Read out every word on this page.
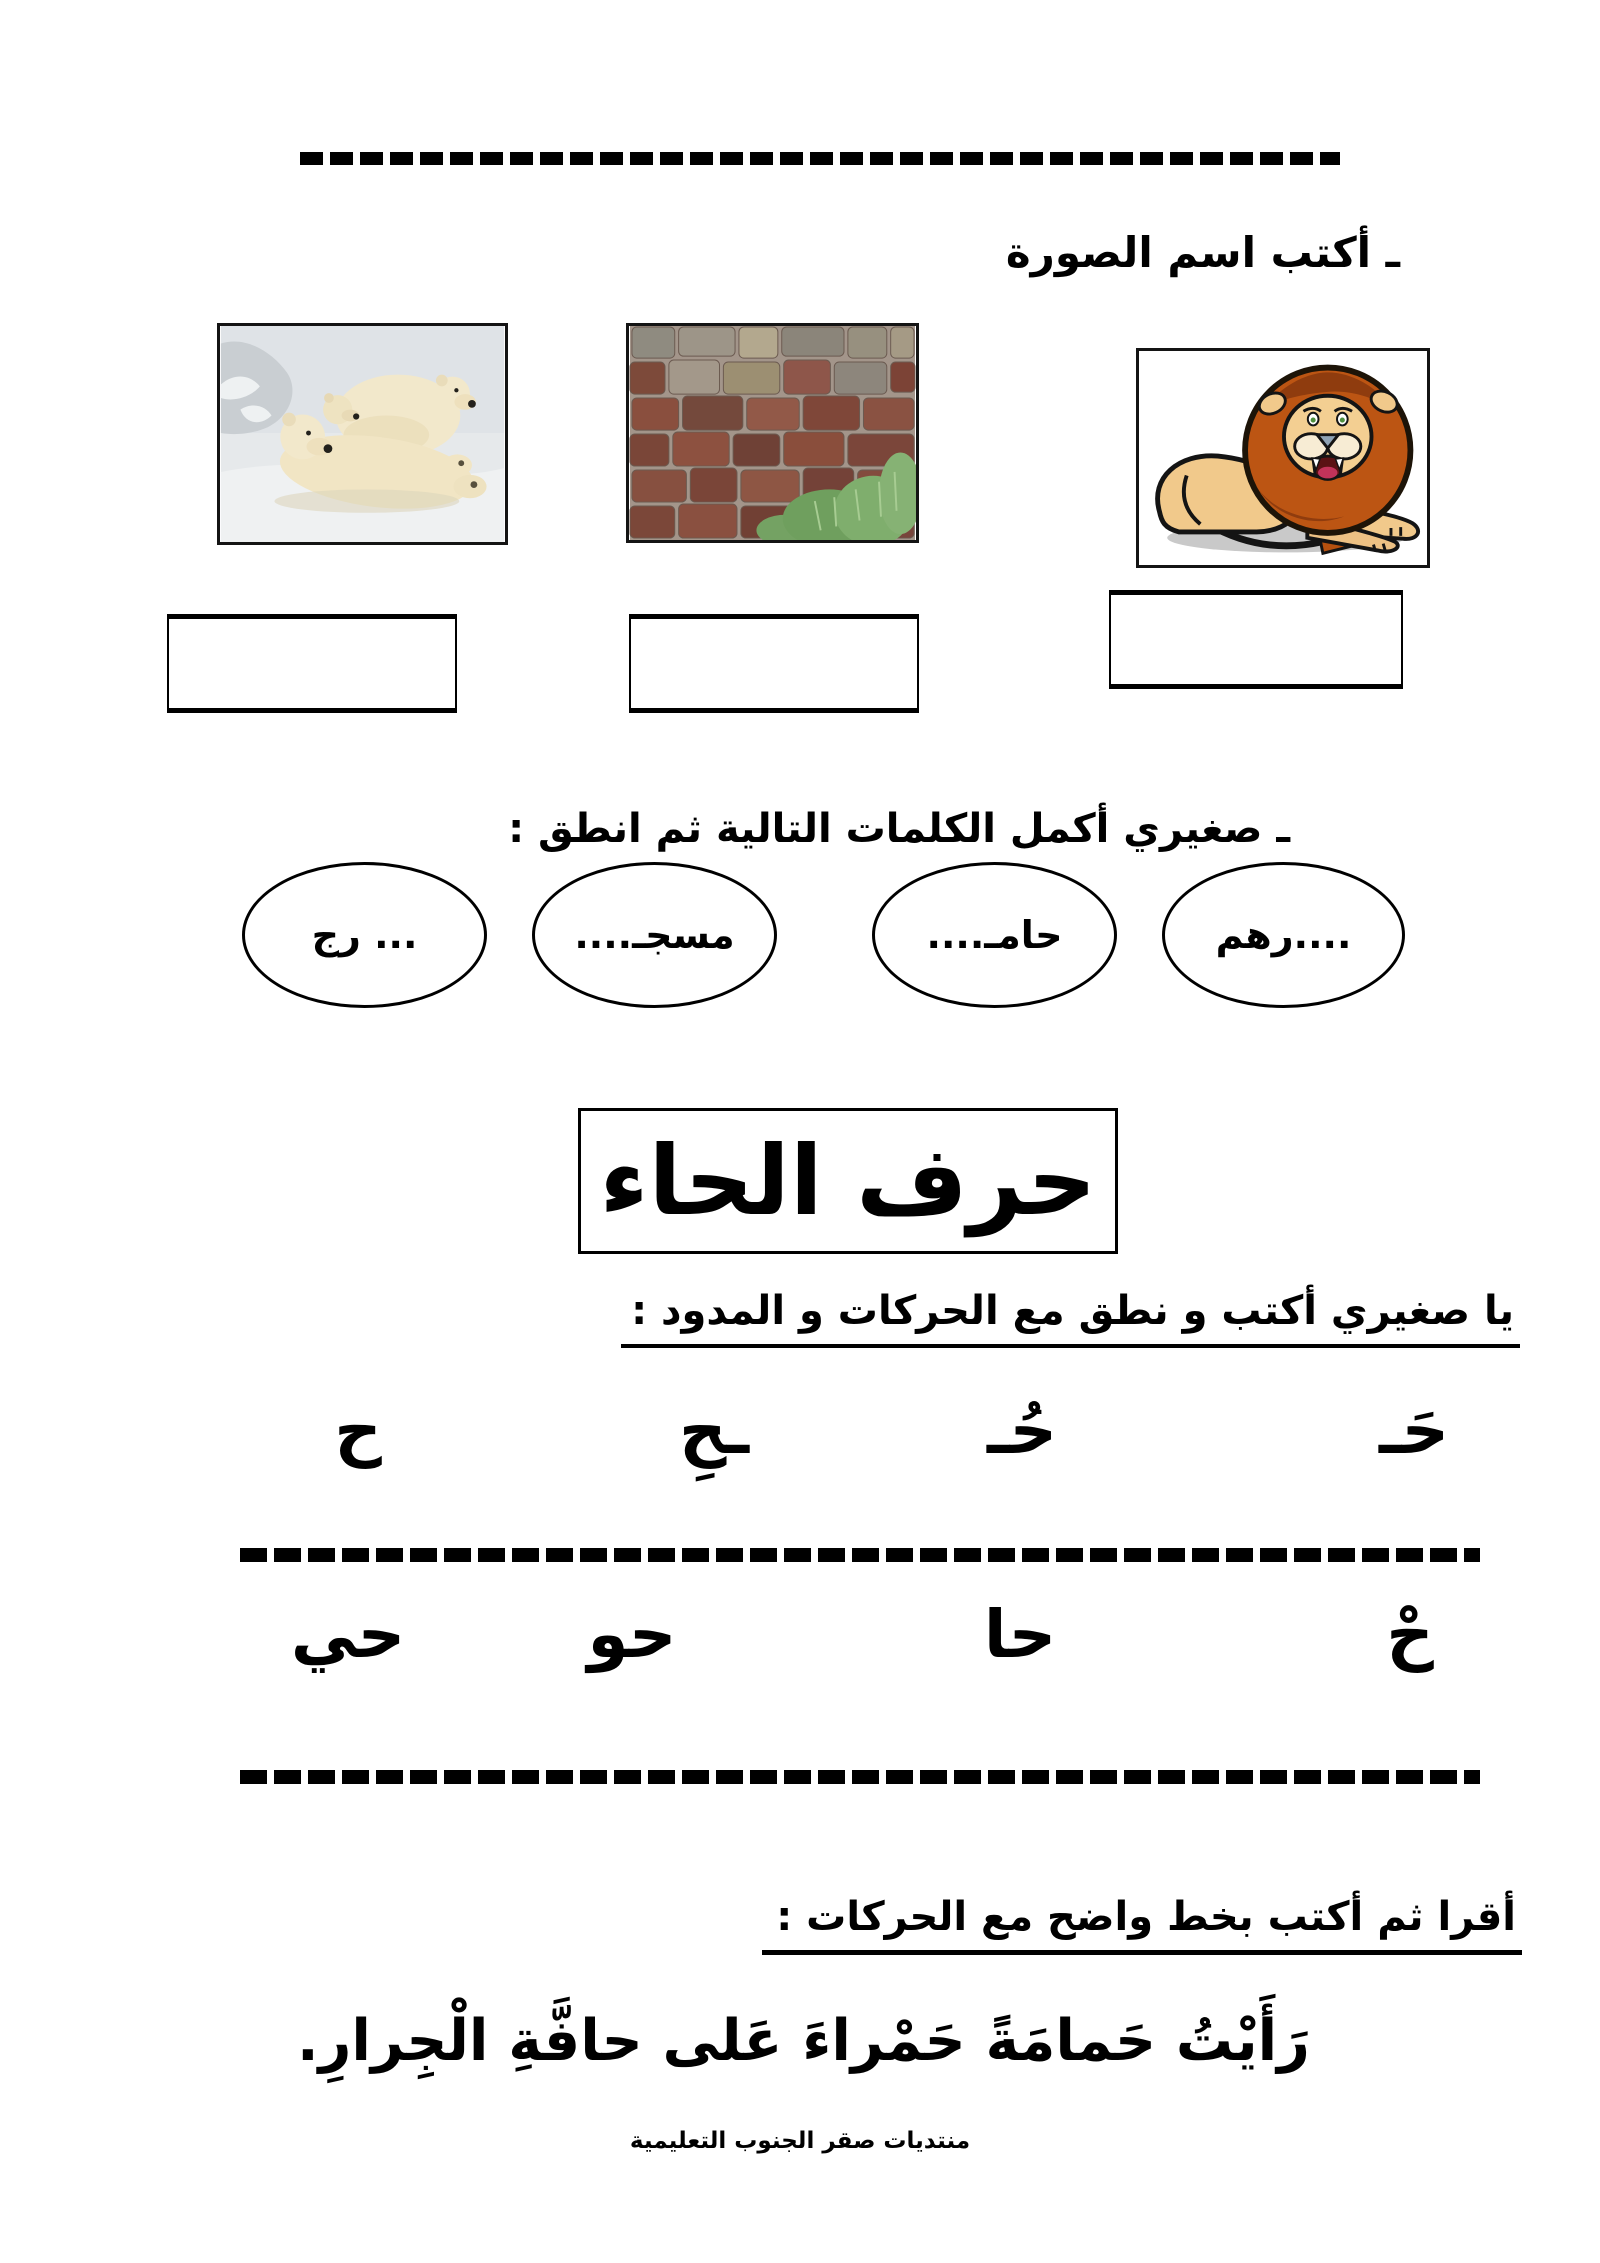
ـ أكتب اسم الصورة
ـ صغيري أكمل الكلمات التالية ثم انطق :
....رهم
حامـ....
مسجـ....
... رج
حرف الحاء
يا صغيري أكتب و نطق مع الحركات و المدود :
حَـ
حُـ
ـحِ
ح
حْ
حا
حو
حي
أقرا ثم أكتب بخط واضح مع الحركات :
رَأَيْتُ حَمامَةً حَمْراءَ عَلى حافَّةِ الْجِرارِ.
منتديات صقر الجنوب التعليمية
